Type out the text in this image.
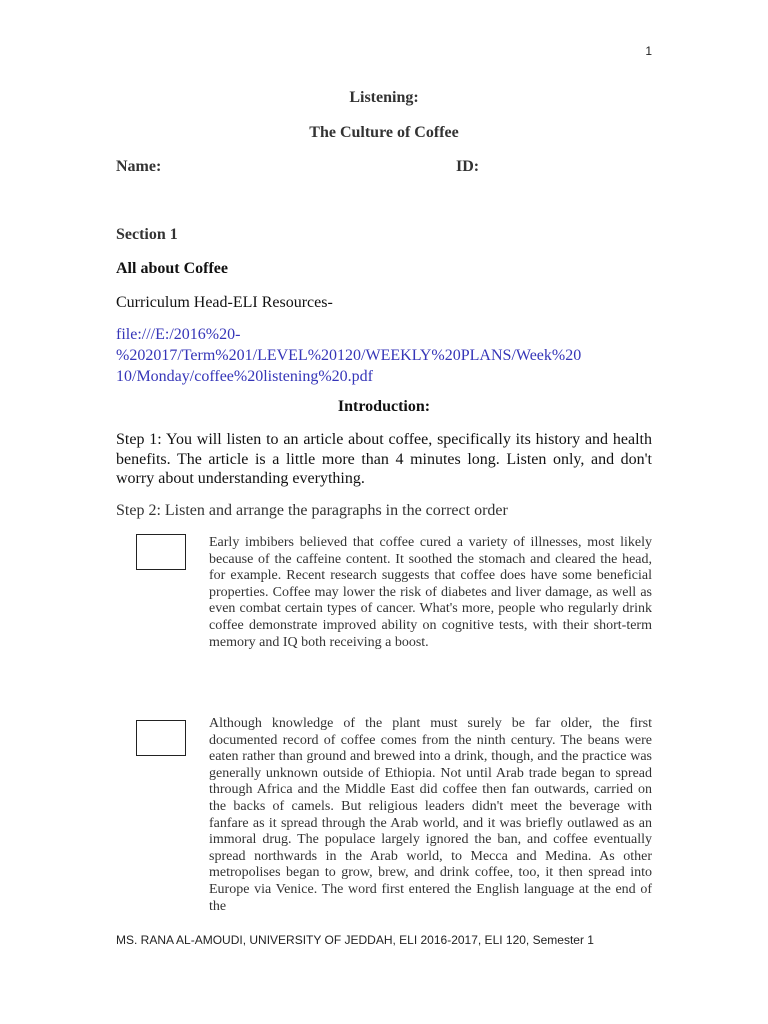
1
Listening:
The Culture of Coffee
Name:	ID:
Section 1
All about Coffee
Curriculum Head-ELI Resources-
file:///E:/2016%20-
%202017/Term%201/LEVEL%20120/WEEKLY%20PLANS/Week%20
10/Monday/coffee%20listening%20.pdf
Introduction:
Step 1: You will listen to an article about coffee, specifically its history and health benefits. The article is a little more than 4 minutes long. Listen only, and don't worry about understanding everything.
Step 2: Listen and arrange the paragraphs in the correct order
Early imbibers believed that coffee cured a variety of illnesses, most likely because of the caffeine content. It soothed the stomach and cleared the head, for example. Recent research suggests that coffee does have some beneficial properties. Coffee may lower the risk of diabetes and liver damage, as well as even combat certain types of cancer. What's more, people who regularly drink coffee demonstrate improved ability on cognitive tests, with their short-term memory and IQ both receiving a boost.
Although knowledge of the plant must surely be far older, the first documented record of coffee comes from the ninth century. The beans were eaten rather than ground and brewed into a drink, though, and the practice was generally unknown outside of Ethiopia. Not until Arab trade began to spread through Africa and the Middle East did coffee then fan outwards, carried on the backs of camels. But religious leaders didn't meet the beverage with fanfare as it spread through the Arab world, and it was briefly outlawed as an immoral drug. The populace largely ignored the ban, and coffee eventually spread northwards in the Arab world, to Mecca and Medina. As other metropolises began to grow, brew, and drink coffee, too, it then spread into Europe via Venice. The word first entered the English language at the end of the
MS. RANA AL-AMOUDI, UNIVERSITY OF JEDDAH, ELI 2016-2017, ELI 120, Semester 1
